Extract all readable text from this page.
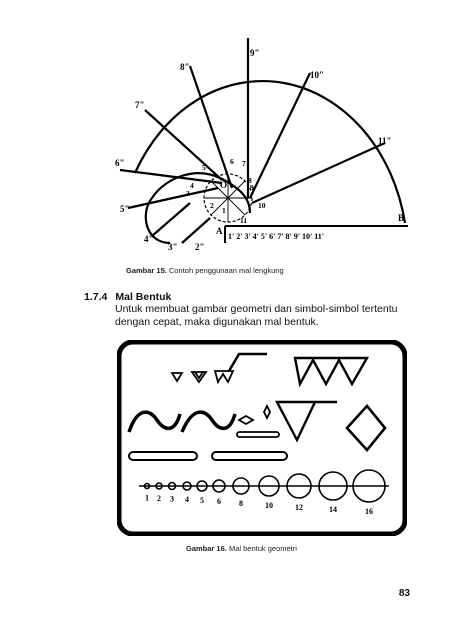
9"
8"
10"
7"
11"
6"
5"
4"
3" 2"
A
B
O
1' 2' 3' 4' 5' 6' 7' 8' 9' 10' 11'
1
2
3
4
5
6 7
8
9
10
11
Gambar 15. Contoh penggunaan mal lengkung
1.7.4 Mal Bentuk
Untuk membuat gambar geometri dan simbol-simbol tertentu dengan cepat, maka digunakan mal bentuk.
1 2 3 4 5 6 8	10	12	14	16
Gambar 16. Mal bentuk geometri
83
